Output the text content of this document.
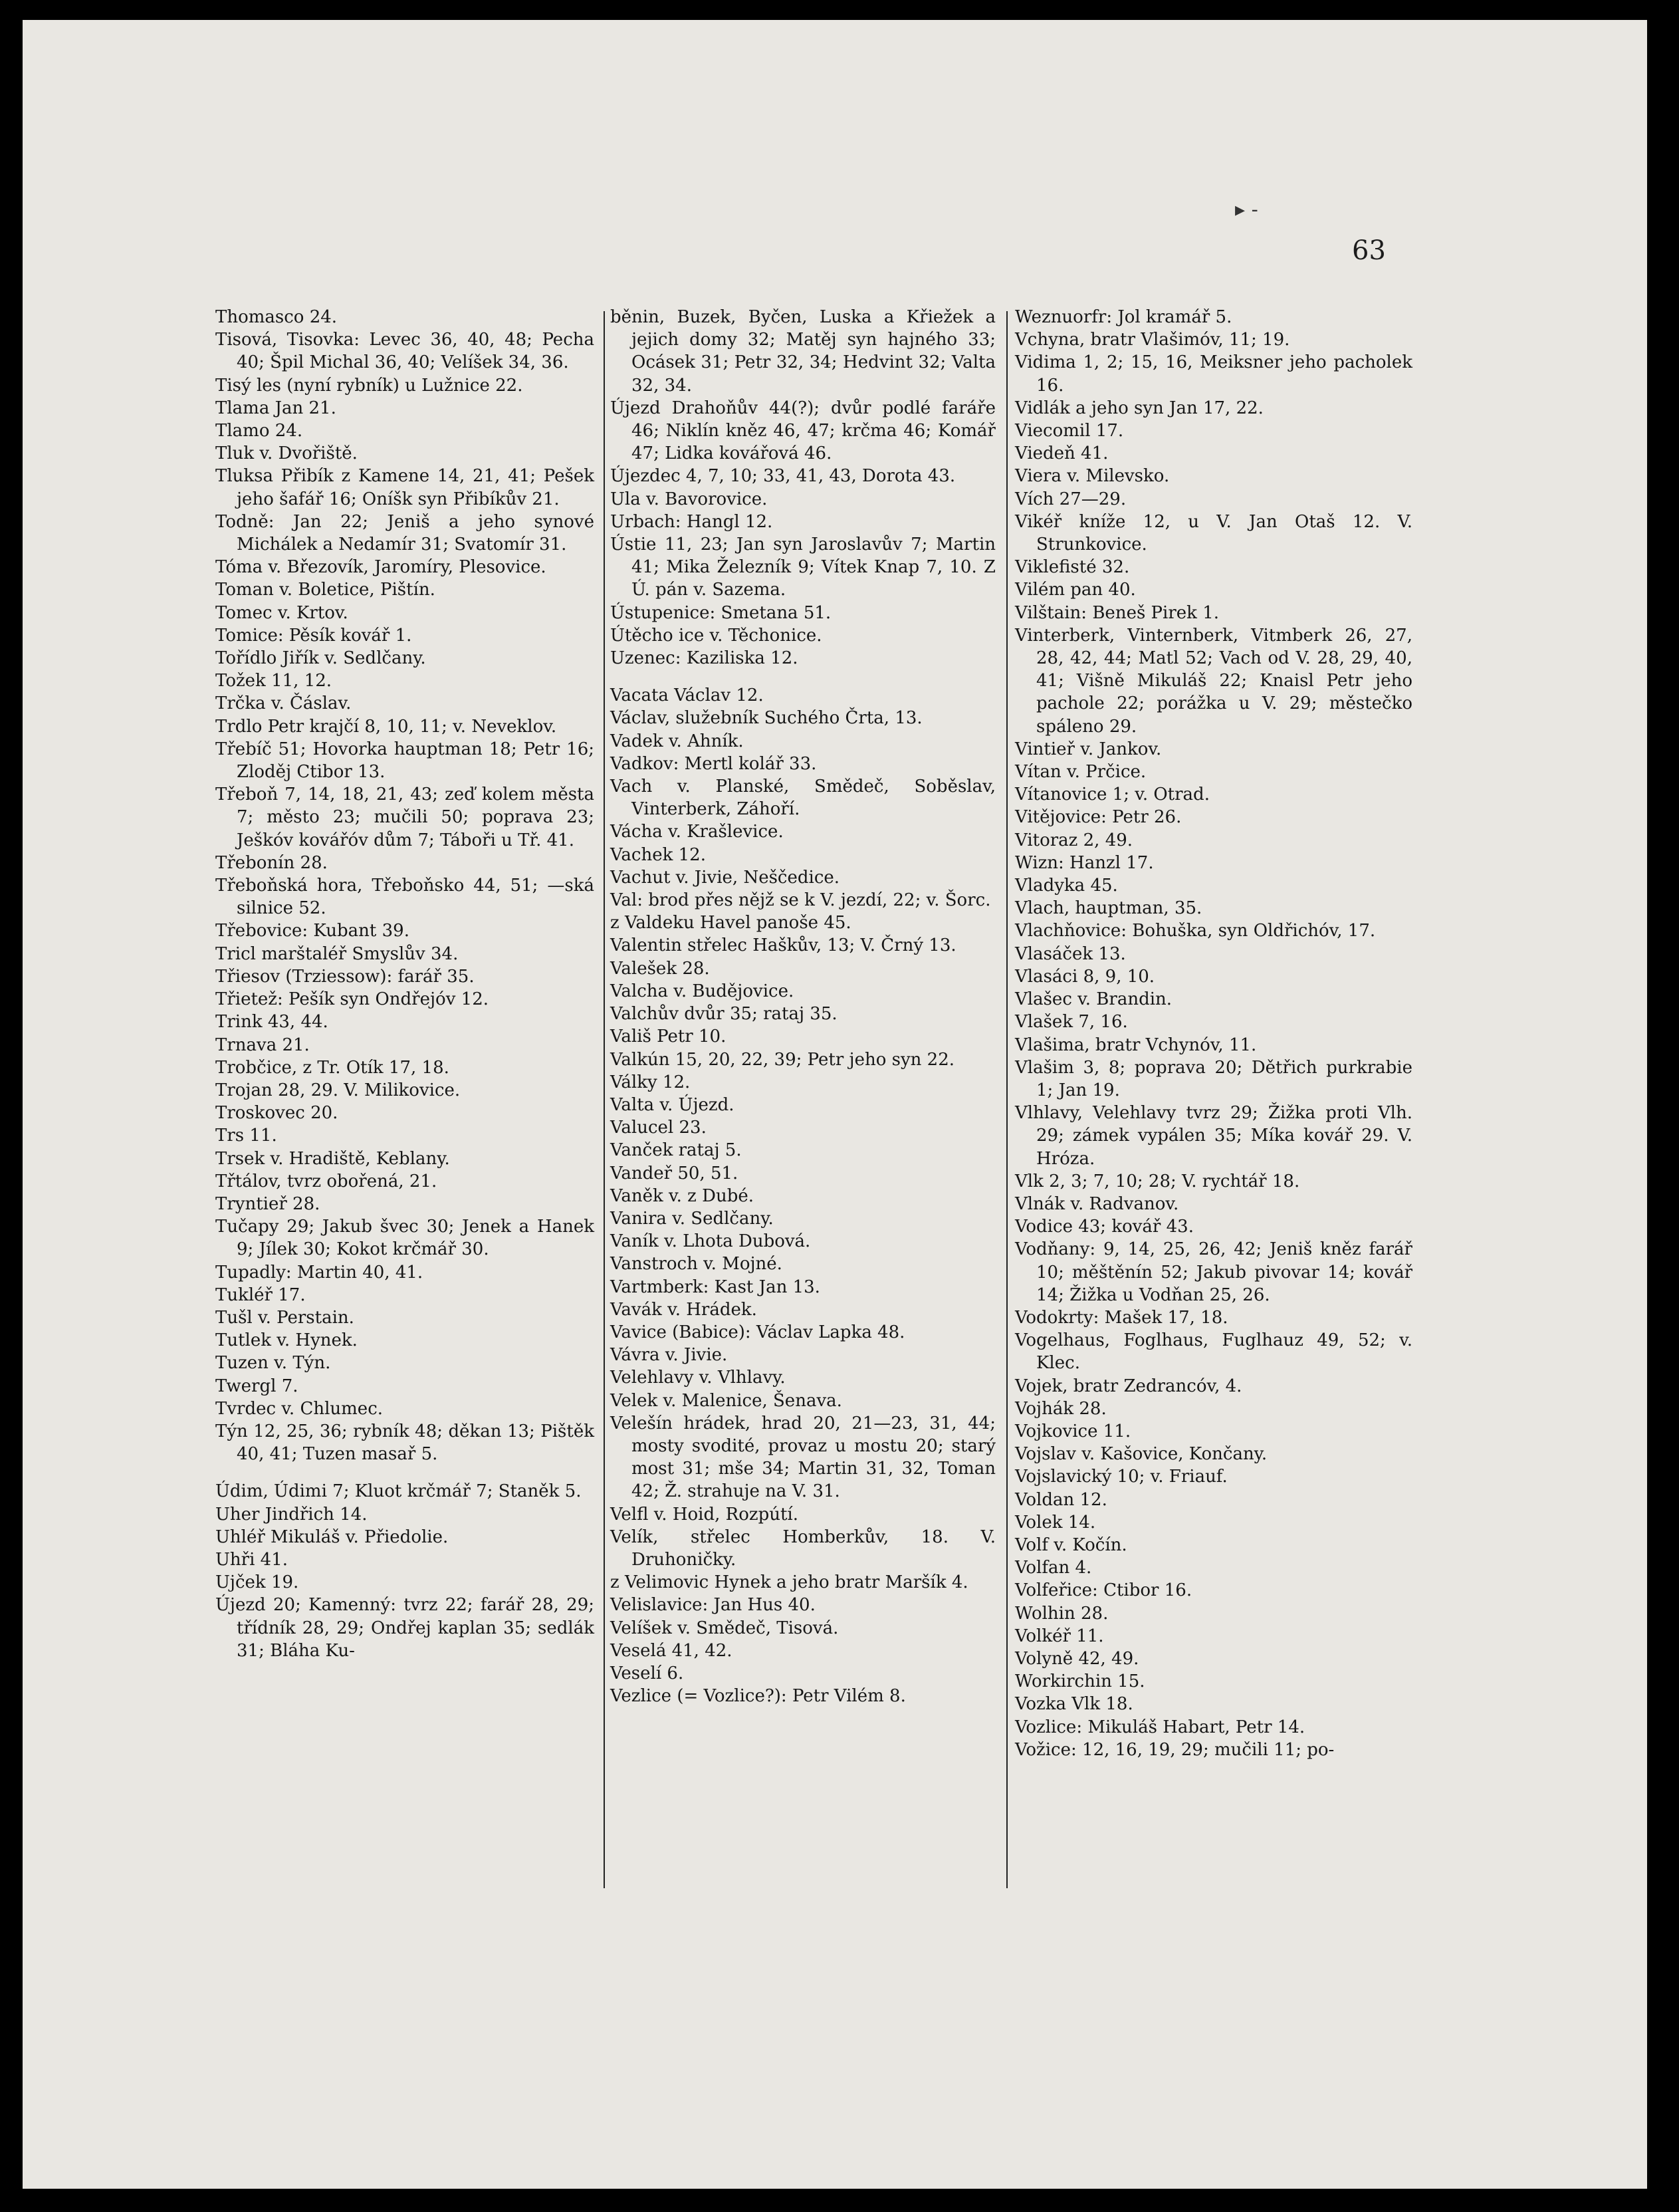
▸ -
63

Thomasco 24.

Tisová, Tisovka: Levec 36, 40, 48; Pecha 40; Špil Michal 36, 40; Velíšek 34, 36.

Tisý les (nyní rybník) u Lužnice 22.

Tlama Jan 21.

Tlamo 24.

Tluk v. Dvořiště.

Tluksa Přibík z Kamene 14, 21, 41; Pešek jeho šafář 16; Oníšk syn Přibíkův 21.

Todně: Jan 22; Jeniš a jeho synové Michálek a Nedamír 31; Svatomír 31.

Tóma v. Březovík, Jaromíry, Plesovice.

Toman v. Boletice, Pištín.

Tomec v. Krtov.

Tomice: Pěsík kovář 1.

Tořídlo Jiřík v. Sedlčany.

Tožek 11, 12.

Trčka v. Čáslav.

Trdlo Petr krajčí 8, 10, 11; v. Neveklov.

Třebíč 51; Hovorka hauptman 18; Petr 16; Zloděj Ctibor 13.

Třeboň 7, 14, 18, 21, 43; zeď kolem města 7; město 23; mučili 50; poprava 23; Ješkóv kovářóv dům 7; Táboři u Tř. 41.

Třebonín 28.

Třeboňská hora, Třeboňsko 44, 51; —ská silnice 52.

Třebovice: Kubant 39.

Tricl marštaléř Smyslův 34.

Třiesov (Trziessow): farář 35.

Třietež: Pešík syn Ondřejóv 12.

Trink 43, 44.

Trnava 21.

Trobčice, z Tr. Otík 17, 18.

Trojan 28, 29. V. Milikovice.

Troskovec 20.

Trs 11.

Trsek v. Hradiště, Keblany.

Třtálov, tvrz obořená, 21.

Tryntieř 28.

Tučapy 29; Jakub švec 30; Jenek a Hanek 9; Jílek 30; Kokot krčmář 30.

Tupadly: Martin 40, 41.

Tukléř 17.

Tušl v. Perstain.

Tutlek v. Hynek.

Tuzen v. Týn.

Twergl 7.

Tvrdec v. Chlumec.

Týn 12, 25, 36; rybník 48; děkan 13; Pištěk 40, 41; Tuzen masař 5.

Údim, Údimi 7; Kluot krčmář 7; Staněk 5.

Uher Jindřich 14.

Uhléř Mikuláš v. Přiedolie.

Uhři 41.

Ujček 19.

Újezd 20; Kamenný: tvrz 22; farář 28, 29; třídník 28, 29; Ondřej kaplan 35; sedlák 31; Bláha Ku-

běnin, Buzek, Byčen, Luska a Křiežek a jejich domy 32; Matěj syn hajného 33; Ocásek 31; Petr 32, 34; Hedvint 32; Valta 32, 34.

Újezd Drahoňův 44(?); dvůr podlé faráře 46; Niklín kněz 46, 47; krčma 46; Komář 47; Lidka kovářová 46.

Újezdec 4, 7, 10; 33, 41, 43, Dorota 43.

Ula v. Bavorovice.

Urbach: Hangl 12.

Ústie 11, 23; Jan syn Jaroslavův 7; Martin 41; Mika Železník 9; Vítek Knap 7, 10. Z Ú. pán v. Sazema.

Ústupenice: Smetana 51.

Útěcho ice v. Těchonice.

Uzenec: Kaziliska 12.

Vacata Václav 12.

Václav, služebník Suchého Črta, 13.

Vadek v. Ahník.

Vadkov: Mertl kolář 33.

Vach v. Planské, Smědeč, Soběslav, Vinterberk, Záhoří.

Vácha v. Krašlevice.

Vachek 12.

Vachut v. Jivie, Neščedice.

Val: brod přes nějž se k V. jezdí, 22; v. Šorc.

z Valdeku Havel panoše 45.

Valentin střelec Haškův, 13; V. Črný 13.

Valešek 28.

Valcha v. Budějovice.

Valchův dvůr 35; rataj 35.

Vališ Petr 10.

Valkún 15, 20, 22, 39; Petr jeho syn 22.

Války 12.

Valta v. Újezd.

Valucel 23.

Vanček rataj 5.

Vandeř 50, 51.

Vaněk v. z Dubé.

Vanira v. Sedlčany.

Vaník v. Lhota Dubová.

Vanstroch v. Mojné.

Vartmberk: Kast Jan 13.

Vavák v. Hrádek.

Vavice (Babice): Václav Lapka 48.

Vávra v. Jivie.

Velehlavy v. Vlhlavy.

Velek v. Malenice, Šenava.

Velešín hrádek, hrad 20, 21—23, 31, 44; mosty svodité, provaz u mostu 20; starý most 31; mše 34; Martin 31, 32, Toman 42; Ž. strahuje na V. 31.

Velfl v. Hoid, Rozpútí.

Velík, střelec Homberkův, 18. V. Druhoničky.

z Velimovic Hynek a jeho bratr Maršík 4.

Velislavice: Jan Hus 40.

Velíšek v. Smědeč, Tisová.

Veselá 41, 42.

Veselí 6.

Vezlice (= Vozlice?): Petr Vilém 8.

Weznuorfr: Jol kramář 5.

Vchyna, bratr Vlašimóv, 11; 19.

Vidima 1, 2; 15, 16, Meiksner jeho pacholek 16.

Vidlák a jeho syn Jan 17, 22.

Viecomil 17.

Viedeň 41.

Viera v. Milevsko.

Vích 27—29.

Vikéř kníže 12, u V. Jan Otaš 12. V. Strunkovice.

Viklefisté 32.

Vilém pan 40.

Vilštain: Beneš Pirek 1.

Vinterberk, Vinternberk, Vitmberk 26, 27, 28, 42, 44; Matl 52; Vach od V. 28, 29, 40, 41; Višně Mikuláš 22; Knaisl Petr jeho pachole 22; porážka u V. 29; městečko spáleno 29.

Vintieř v. Jankov.

Vítan v. Prčice.

Vítanovice 1; v. Otrad.

Vitějovice: Petr 26.

Vitoraz 2, 49.

Wizn: Hanzl 17.

Vladyka 45.

Vlach, hauptman, 35.

Vlachňovice: Bohuška, syn Oldřichóv, 17.

Vlasáček 13.

Vlasáci 8, 9, 10.

Vlašec v. Brandin.

Vlašek 7, 16.

Vlašima, bratr Vchynóv, 11.

Vlašim 3, 8; poprava 20; Dětřich purkrabie 1; Jan 19.

Vlhlavy, Velehlavy tvrz 29; Žižka proti Vlh. 29; zámek vypálen 35; Míka kovář 29. V. Hróza.

Vlk 2, 3; 7, 10; 28; V. rychtář 18.

Vlnák v. Radvanov.

Vodice 43; kovář 43.

Vodňany: 9, 14, 25, 26, 42; Jeniš kněz farář 10; měštěnín 52; Jakub pivovar 14; kovář 14; Žižka u Vodňan 25, 26.

Vodokrty: Mašek 17, 18.

Vogelhaus, Foglhaus, Fuglhauz 49, 52; v. Klec.

Vojek, bratr Zedrancóv, 4.

Vojhák 28.

Vojkovice 11.

Vojslav v. Kašovice, Končany.

Vojslavický 10; v. Friauf.

Voldan 12.

Volek 14.

Volf v. Kočín.

Volfan 4.

Volfeřice: Ctibor 16.

Wolhin 28.

Volkéř 11.

Volyně 42, 49.

Workirchin 15.

Vozka Vlk 18.

Vozlice: Mikuláš Habart, Petr 14.

Vožice: 12, 16, 19, 29; mučili 11; po-
